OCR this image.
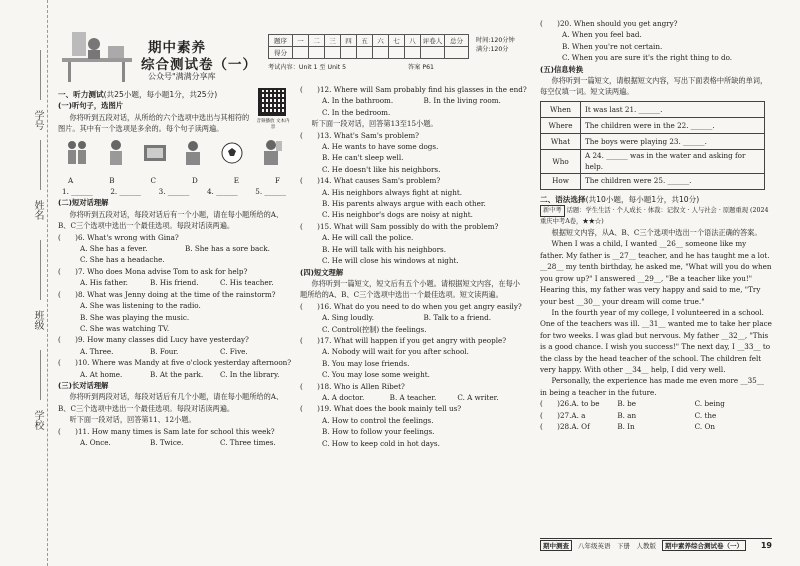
学号
姓名
班级
学校
期中素养
综合测试卷（一）
公众号"满满分享库
题序	一	二	三	四	五	六	七	八	评卷人	总分
得分										
时间:120分钟
满分:120分
考试内容：Unit 1 至 Unit 5	答案 P61
一、听力测试(共25小题，每小题1分，共25分)
(一)听句子，选图片
你将听到五段对话，从所给的六个选项中选出与其相符的图片。其中有一个选项是多余的。每个句子读两遍。
A	B	C	D	E	F
1. ______ 2. ______ 3. ______ 4. ______ 5. ______
(二)短对话理解
你将听到五段对话，每段对话后有一个小题，请在每小题所给的A、B、C三个选项中选出一个最佳选项。每段对话读两遍。
(　　)6. What's wrong with Gina?
A. She has a fever.	B. She has a sore back.
C. She has a headache.
(　　)7. Who does Mona advise Tom to ask for help?
A. His father.	B. His friend.	C. His teacher.
(　　)8. What was Jenny doing at the time of the rainstorm?
A. She was listening to the radio.
B. She was playing the music.
C. She was watching TV.
(　　)9. How many classes did Lucy have yesterday?
A. Three.	B. Four.	C. Five.
(　　)10. Where was Mandy at five o'clock yesterday afternoon?
A. At home.	B. At the park.	C. In the library.
(三)长对话理解
你将听到两段对话，每段对话后有几个小题，请在每小题所给的A、B、C三个选项中选出一个最佳选项。每段对话读两遍。
听下面一段对话，回答第11、12小题。
(　　)11. How many times is Sam late for school this week?
A. Once.	B. Twice.	C. Three times.
音频播放 文本内容
(　　)12. Where will Sam probably find his glasses in the end?
A. In the bathroom.	B. In the living room.
C. In the bedroom.
听下面一段对话，回答第13至15小题。
(　　)13. What's Sam's problem?
A. He wants to have some dogs.
B. He can't sleep well.
C. He doesn't like his neighbors.
(　　)14. What causes Sam's problem?
A. His neighbors always fight at night.
B. His parents always argue with each other.
C. His neighbor's dogs are noisy at night.
(　　)15. What will Sam possibly do with the problem?
A. He will call the police.
B. He will talk with his neighbors.
C. He will close his windows at night.
(四)短文理解
你将听到一篇短文，短文后有五个小题。请根据短文内容，在每小题所给的A、B、C三个选项中选出一个最佳选项。短文读两遍。
(　　)16. What do you need to do when you get angry easily?
A. Sing loudly.	B. Talk to a friend.
C. Control(控制) the feelings.
(　　)17. What will happen if you get angry with people?
A. Nobody will wait for you after school.
B. You may lose friends.
C. You may lose some weight.
(　　)18. Who is Allen Ribet?
A. A doctor.	B. A teacher.	C. A writer.
(　　)19. What does the book mainly tell us?
A. How to control the feelings.
B. How to follow your feelings.
C. How to keep cold in hot days.
(　　)20. When should you get angry?
A. When you feel bad.
B. When you're not certain.
C. When you are sure it's the right thing to do.
(五)信息转换
你将听到一篇短文，请根据短文内容，写出下面表格中所缺的单词，每空仅填一词。短文读两遍。
When	It was last 21. ______.
Where	The children were in the 22. ______.
What	The boys were playing 23. ______.
Who	A 24. ______ was in the water and asking for help.
How	The children were 25. ______.
二、语法选择(共10小题，每小题1分，共10分)
新中考 话题：学生生活 · 个人成长 · 体裁：记叙文 · 人与社会 · 原题重现 (2024 重庆中考A卷，★★☆)
根据短文内容，从A、B、C三个选项中选出一个语法正确的答案。

When I was a child, I wanted __26__ someone like my father. My father is __27__ teacher, and he has taught me a lot. __28__ my tenth birthday, he asked me, "What will you do when you grow up?" I answered __29__, "Be a teacher like you!" Hearing this, my father was very happy and said to me, "Try your best __30__ your dream will come true."

In the fourth year of my college, I volunteered in a school. One of the teachers was ill. __31__ wanted me to take her place for two weeks. I was glad but nervous. My father __32__, "This is a good chance. I wish you success!" The next day, I __33__ to the class by the head teacher of the school. The children felt very happy. With other __34__ help, I did very well.

Personally, the experience has made me even more __35__ in being a teacher in the future.

(　　)26.A. to be	B. be	C. being
(　　)27.A. a	B. an	C. the
(　　)28.A. Of	B. In	C. On
期中测查	八年级英语　下册　人教版	期中素养综合测试卷（一）	19
